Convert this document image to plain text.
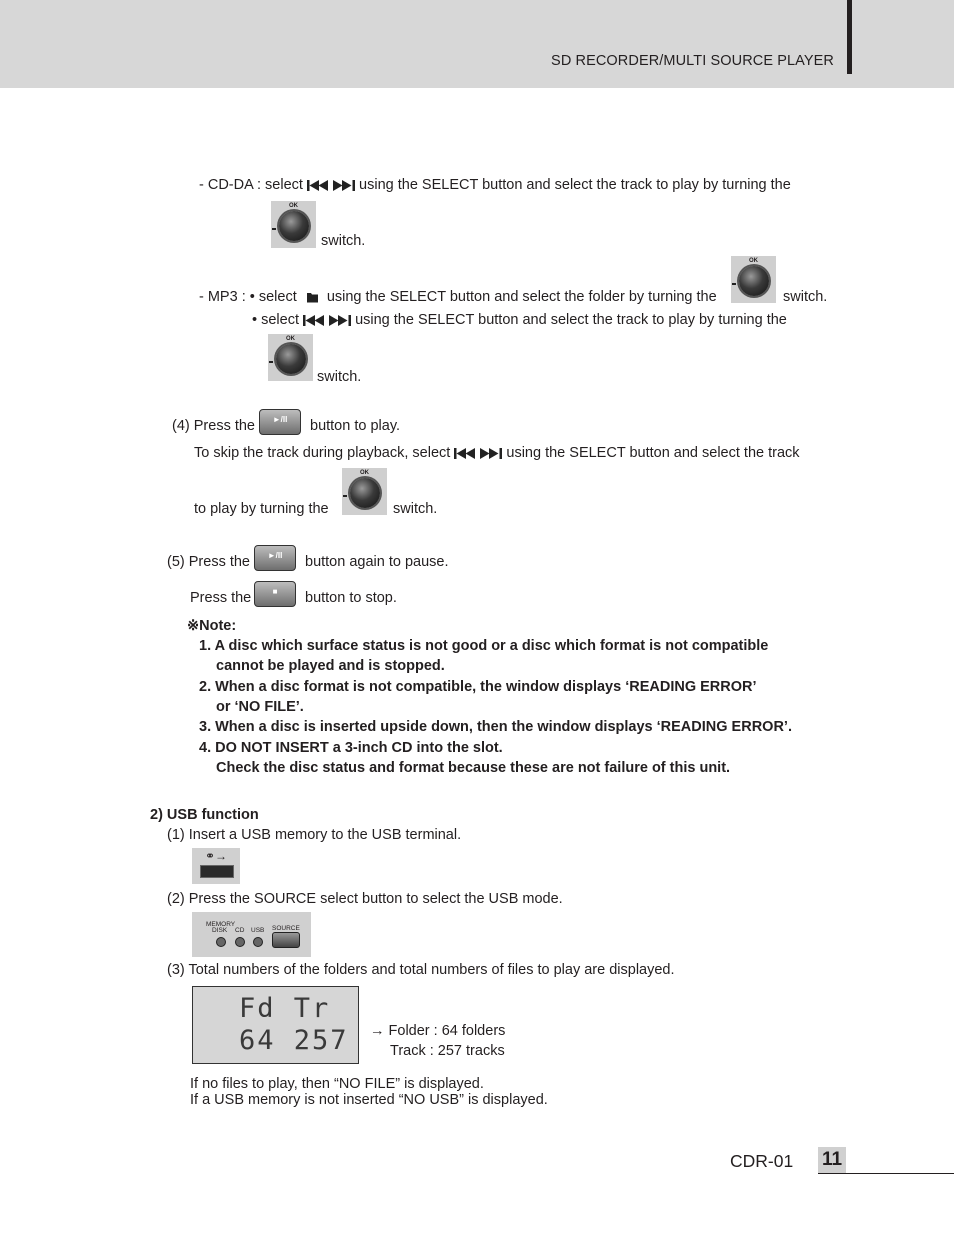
SD RECORDER/MULTI SOURCE PLAYER
- CD-DA : select	using the SELECT button and select the track to play by turning the
OK
switch.
- MP3 : • select using the SELECT button and select the folder by turning the
OK
switch.
• select	using the SELECT button and select the track to play by turning the
OK
switch.
(4) Press the	►/II	button to play.
To skip the track during playback, select	using the SELECT button and select the track
to play by turning the
OK
switch.
(5) Press the	►/II	button again to pause.
Press the	■	button to stop.
※Note:
1. A disc which surface status is not good or a disc which format is not compatible
cannot be played and is stopped.
2. When a disc format is not compatible, the window displays ‘READING ERROR’
or ‘NO FILE’.
3. When a disc is inserted upside down, then the window displays ‘READING ERROR’.
4. DO NOT INSERT a 3-inch CD into the slot.
Check the disc status and format because these are not failure of this unit.
2) USB function
(1) Insert a USB memory to the USB terminal.
⚭→
(2) Press the SOURCE select button to select the USB mode.
MEMORY
DISK CD USB SOURCE
(3) Total numbers of the folders and total numbers of files to play are displayed.
Fd Tr
64 257 → Folder : 64 folders
Track : 257 tracks
If no files to play, then “NO FILE” is displayed.
If a USB memory is not inserted “NO USB” is displayed.
CDR-01 11
